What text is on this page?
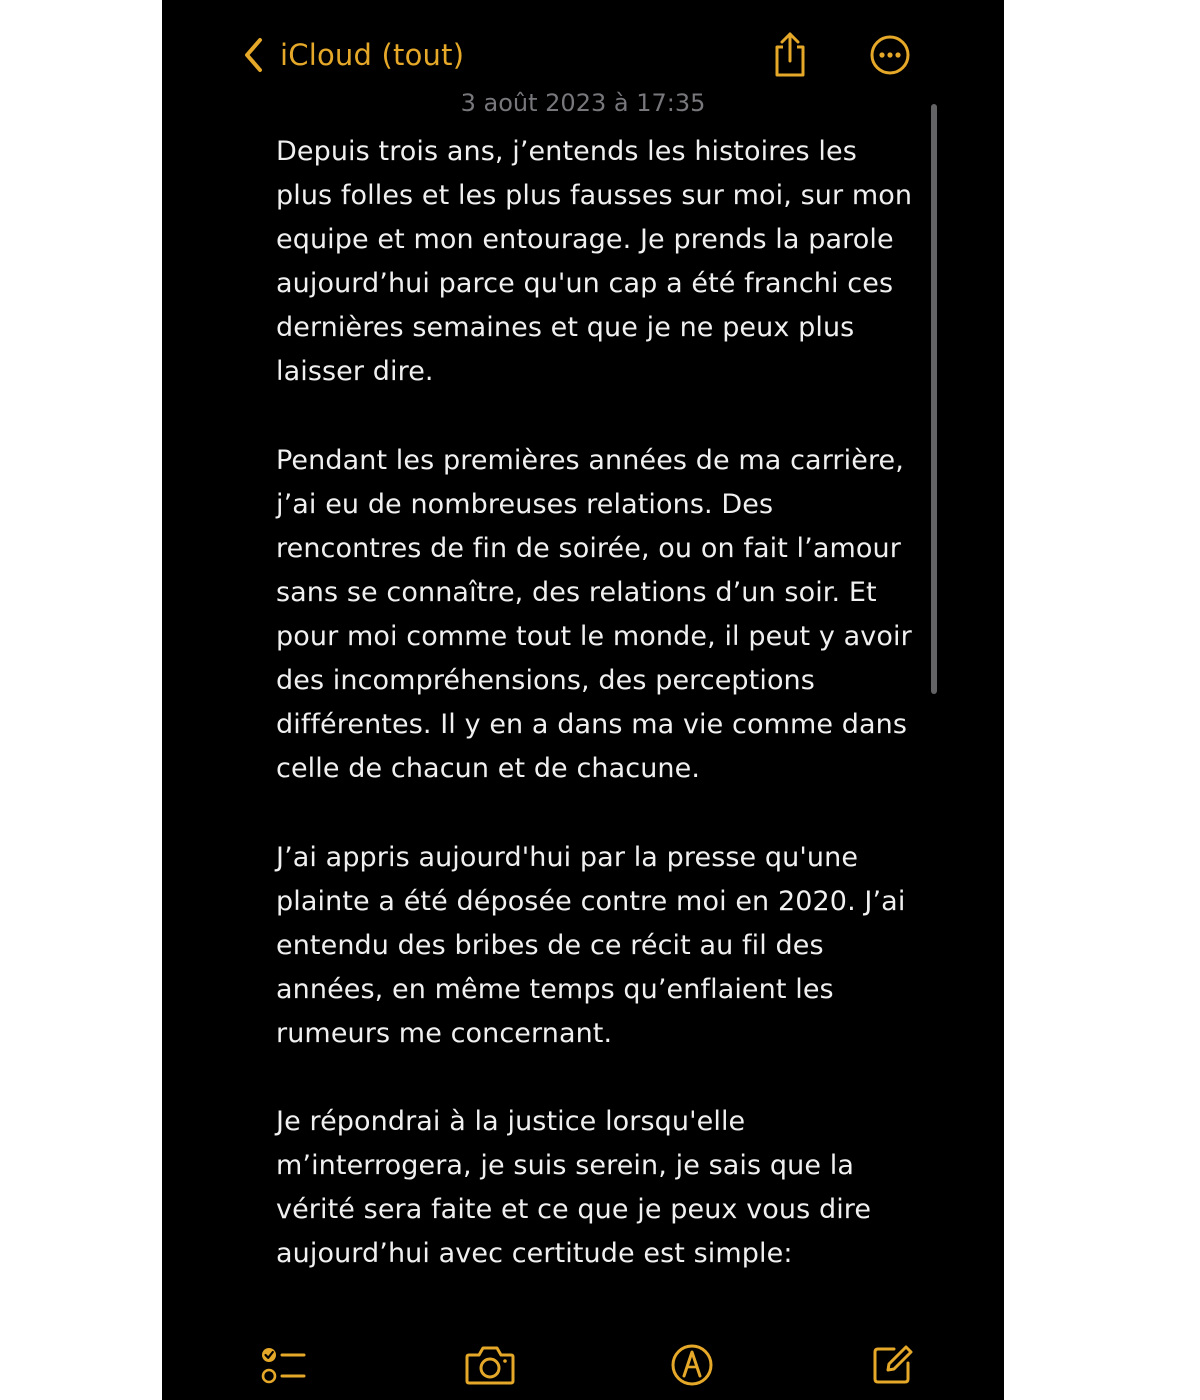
iCloud (tout)
3 août 2023 à 17:35

Depuis trois ans, j’entends les histoires les plus folles et les plus fausses sur moi, sur mon equipe et mon entourage. Je prends la parole aujourd’hui parce qu'un cap a été franchi ces dernières semaines et que je ne peux plus laisser dire.

Pendant les premières années de ma carrière, j’ai eu de nombreuses relations. Des rencontres de fin de soirée, ou on fait l’amour sans se connaître, des relations d’un soir. Et pour moi comme tout le monde, il peut y avoir des incompréhensions, des perceptions différentes. Il y en a dans ma vie comme dans celle de chacun et de chacune.

J’ai appris aujourd'hui par la presse qu'une plainte a été déposée contre moi en 2020. J’ai entendu des bribes de ce récit au fil des années, en même temps qu’enflaient les rumeurs me concernant.

Je répondrai à la justice lorsqu'elle m’interrogera, je suis serein, je sais que la vérité sera faite et ce que je peux vous dire aujourd’hui avec certitude est simple:
